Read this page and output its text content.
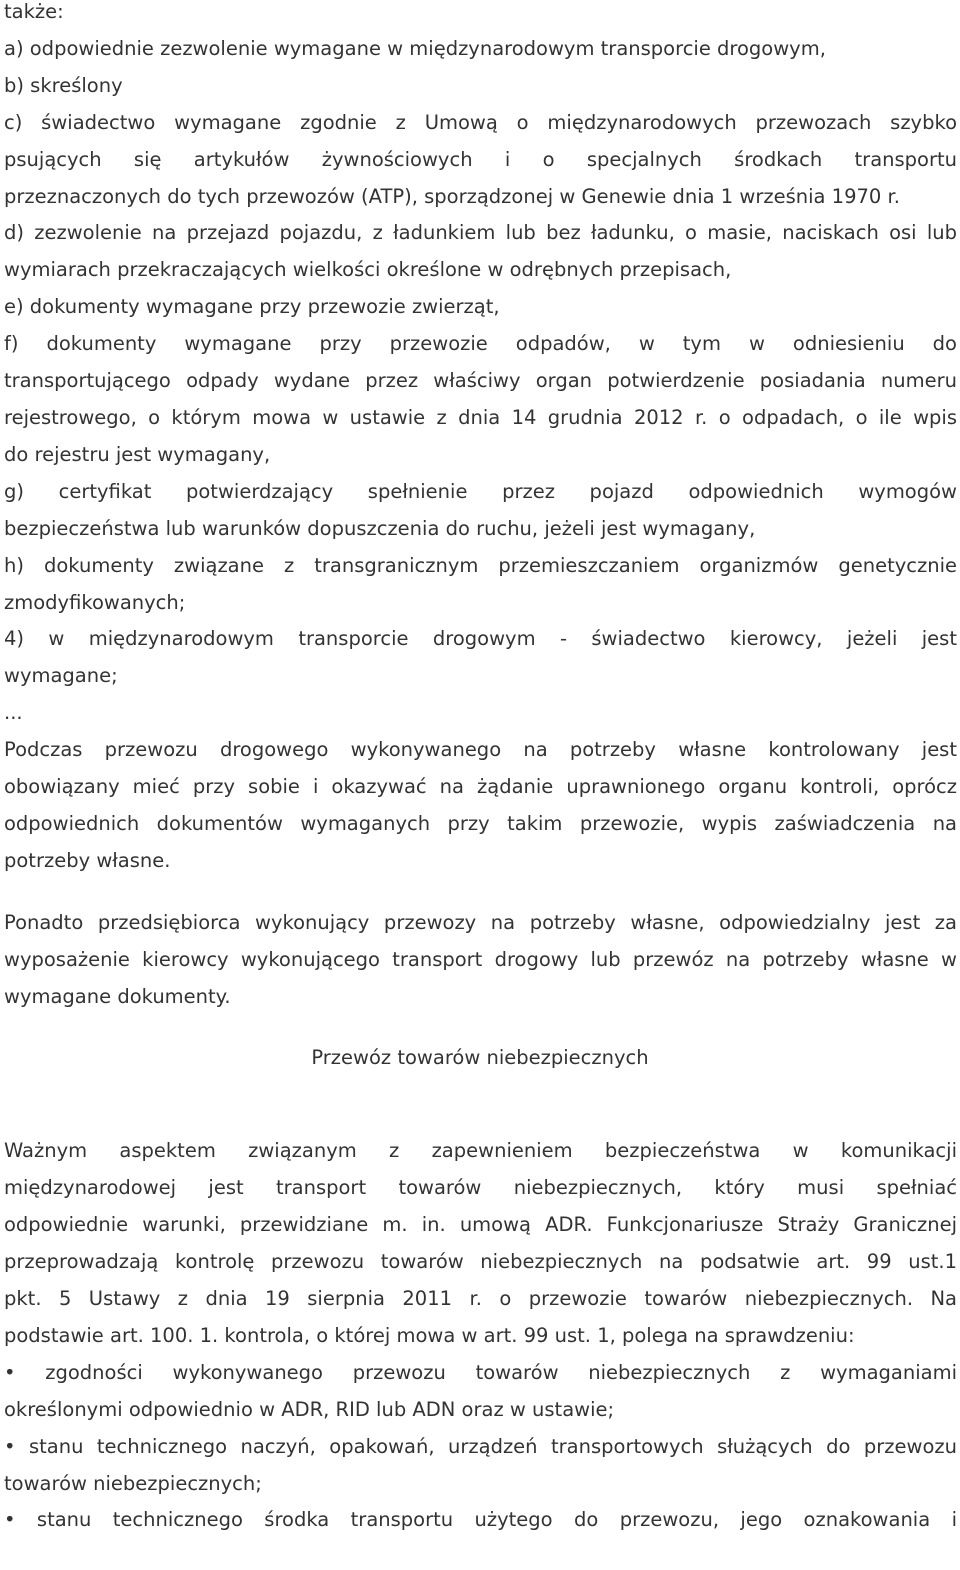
także:
a) odpowiednie zezwolenie wymagane w międzynarodowym transporcie drogowym,
b) skreślony
c) świadectwo wymagane zgodnie z Umową o międzynarodowych przewozach szybko
psujących się artykułów żywnościowych i o specjalnych środkach transportu
przeznaczonych do tych przewozów (ATP), sporządzonej w Genewie dnia 1 września 1970 r.
d) zezwolenie na przejazd pojazdu, z ładunkiem lub bez ładunku, o masie, naciskach osi lub
wymiarach przekraczających wielkości określone w odrębnych przepisach,
e) dokumenty wymagane przy przewozie zwierząt,
f) dokumenty wymagane przy przewozie odpadów, w tym w odniesieniu do
transportującego odpady wydane przez właściwy organ potwierdzenie posiadania numeru
rejestrowego, o którym mowa w ustawie z dnia 14 grudnia 2012 r. o odpadach, o ile wpis
do rejestru jest wymagany,
g) certyfikat potwierdzający spełnienie przez pojazd odpowiednich wymogów
bezpieczeństwa lub warunków dopuszczenia do ruchu, jeżeli jest wymagany,
h) dokumenty związane z transgranicznym przemieszczaniem organizmów genetycznie
zmodyfikowanych;
4) w międzynarodowym transporcie drogowym - świadectwo kierowcy, jeżeli jest
wymagane;
...
Podczas przewozu drogowego wykonywanego na potrzeby własne kontrolowany jest
obowiązany mieć przy sobie i okazywać na żądanie uprawnionego organu kontroli, oprócz
odpowiednich dokumentów wymaganych przy takim przewozie, wypis zaświadczenia na
potrzeby własne.
Ponadto przedsiębiorca wykonujący przewozy na potrzeby własne, odpowiedzialny jest za
wyposażenie kierowcy wykonującego transport drogowy lub przewóz na potrzeby własne w
wymagane dokumenty.
Przewóz towarów niebezpiecznych
Ważnym aspektem związanym z zapewnieniem bezpieczeństwa w komunikacji
międzynarodowej jest transport towarów niebezpiecznych, który musi spełniać
odpowiednie warunki, przewidziane m. in. umową ADR. Funkcjonariusze Straży Granicznej
przeprowadzają kontrolę przewozu towarów niebezpiecznych na podsatwie art. 99 ust.1
pkt. 5 Ustawy z dnia 19 sierpnia 2011 r. o przewozie towarów niebezpiecznych. Na
podstawie art. 100. 1. kontrola, o której mowa w art. 99 ust. 1, polega na sprawdzeniu:
• zgodności wykonywanego przewozu towarów niebezpiecznych z wymaganiami
określonymi odpowiednio w ADR, RID lub ADN oraz w ustawie;
• stanu technicznego naczyń, opakowań, urządzeń transportowych służących do przewozu
towarów niebezpiecznych;
• stanu technicznego środka transportu użytego do przewozu, jego oznakowania i
